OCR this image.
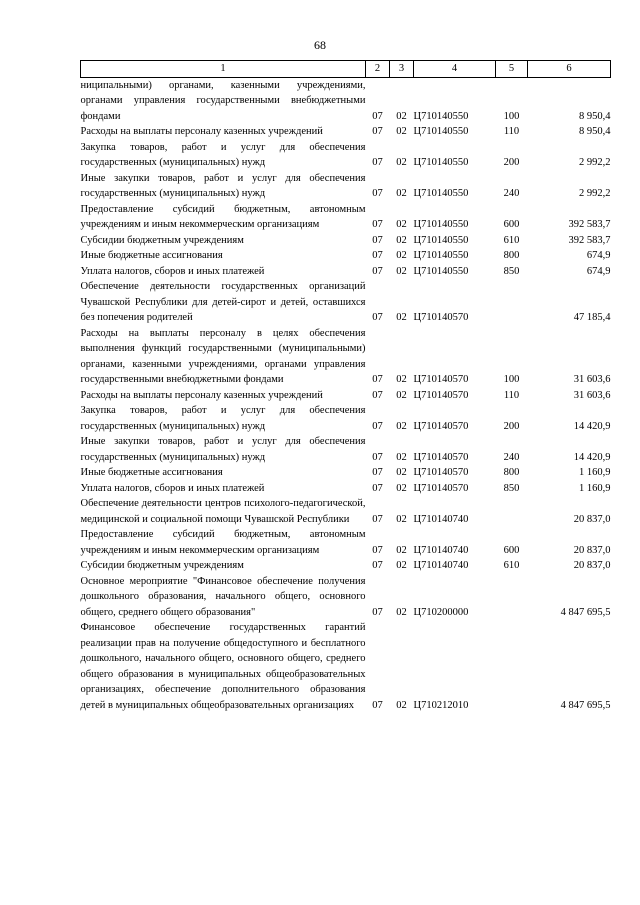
68
1	2	3	4	5	6
ниципальными) органами, казенными учреждениями, органами управления государственными внебюджетными фондами	07	02	Ц710140550	100	8 950,4
Расходы на выплаты персоналу казенных учреждений	07	02	Ц710140550	110	8 950,4
Закупка товаров, работ и услуг для обеспечения государственных (муниципальных) нужд	07	02	Ц710140550	200	2 992,2
Иные закупки товаров, работ и услуг для обеспечения государственных (муниципальных) нужд	07	02	Ц710140550	240	2 992,2
Предоставление субсидий бюджетным, автономным учреждениям и иным некоммерческим организациям	07	02	Ц710140550	600	392 583,7
Субсидии бюджетным учреждениям	07	02	Ц710140550	610	392 583,7
Иные бюджетные ассигнования	07	02	Ц710140550	800	674,9
Уплата налогов, сборов и иных платежей	07	02	Ц710140550	850	674,9
Обеспечение деятельности государственных организаций Чувашской Республики для детей-сирот и детей, оставшихся без попечения родителей	07	02	Ц710140570		47 185,4
Расходы на выплаты персоналу в целях обеспечения выполнения функций государственными (муниципальными) органами, казенными учреждениями, органами управления государственными внебюджетными фондами	07	02	Ц710140570	100	31 603,6
Расходы на выплаты персоналу казенных учреждений	07	02	Ц710140570	110	31 603,6
Закупка товаров, работ и услуг для обеспечения государственных (муниципальных) нужд	07	02	Ц710140570	200	14 420,9
Иные закупки товаров, работ и услуг для обеспечения государственных (муниципальных) нужд	07	02	Ц710140570	240	14 420,9
Иные бюджетные ассигнования	07	02	Ц710140570	800	1 160,9
Уплата налогов, сборов и иных платежей	07	02	Ц710140570	850	1 160,9
Обеспечение деятельности центров психолого-педагогической, медицинской и социальной помощи Чувашской Республики	07	02	Ц710140740		20 837,0
Предоставление субсидий бюджетным, автономным учреждениям и иным некоммерческим организациям	07	02	Ц710140740	600	20 837,0
Субсидии бюджетным учреждениям	07	02	Ц710140740	610	20 837,0
Основное мероприятие "Финансовое обеспечение получения дошкольного образования, начального общего, основного общего, среднего общего образования"	07	02	Ц710200000		4 847 695,5
Финансовое обеспечение государственных гарантий реализации прав на получение общедоступного и бесплатного дошкольного, начального общего, основного общего, среднего общего образования в муниципальных общеобразовательных организациях, обеспечение дополнительного образования детей в муниципальных общеобразовательных организациях	07	02	Ц710212010		4 847 695,5
